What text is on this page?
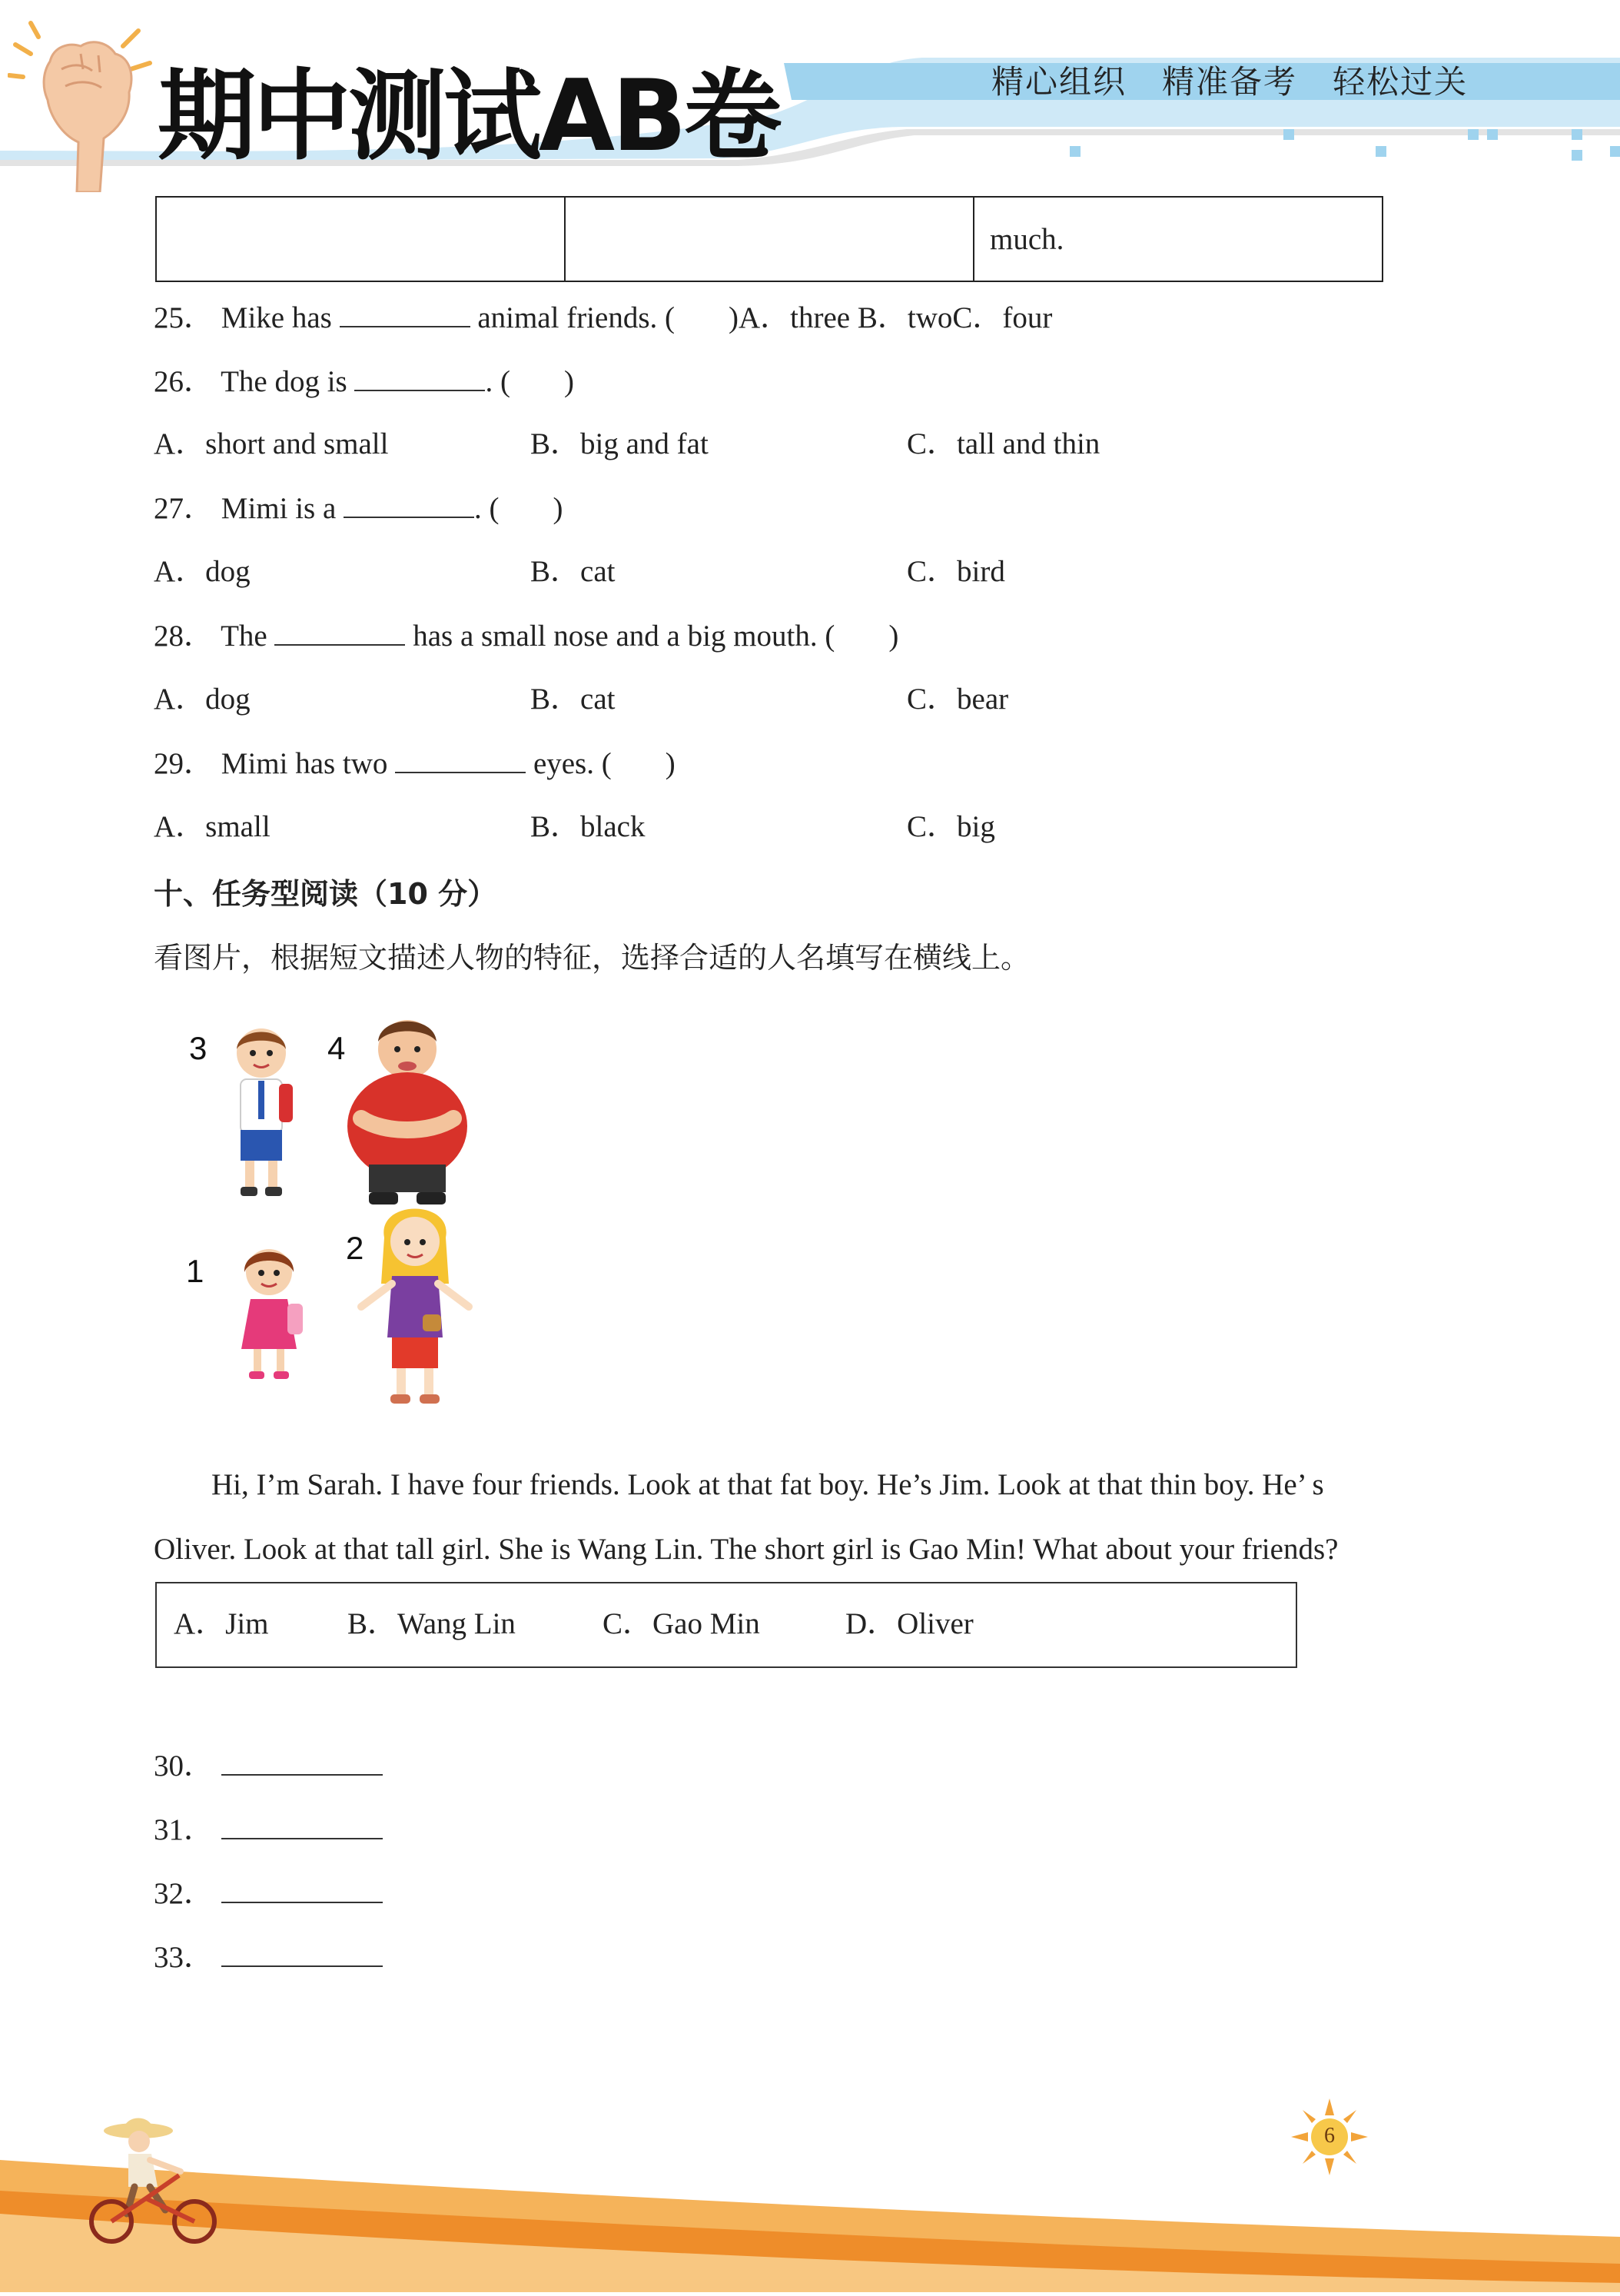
期中测试AB卷	精心组织   精准备考   轻松过关
		much.
25． Mike has	animal friends. ( )A．three B．twoC．four
26． The dog is	. ( )
A．short and small	B．big and fat	C．tall and thin
27． Mimi is a	. ( )
A．dog	B．cat	C．bird
28． The	has a small nose and a big mouth. ( )
A．dog	B．cat	C．bear
29． Mimi has two	eyes. ( )
A．small	B．black	C．big
十、任务型阅读（10 分）
看图片，根据短文描述人物的特征，选择合适的人名填写在横线上。
3	4
1
2
Hi, I’m Sarah. I have four friends. Look at that fat boy. He’s Jim. Look at that thin boy. He’ s
Oliver. Look at that tall girl. She is Wang Lin. The short girl is Gao Min! What about your friends?
A．Jim	B．Wang Lin	C．Gao Min	D．Oliver
30．
31．
32．
33．
6
